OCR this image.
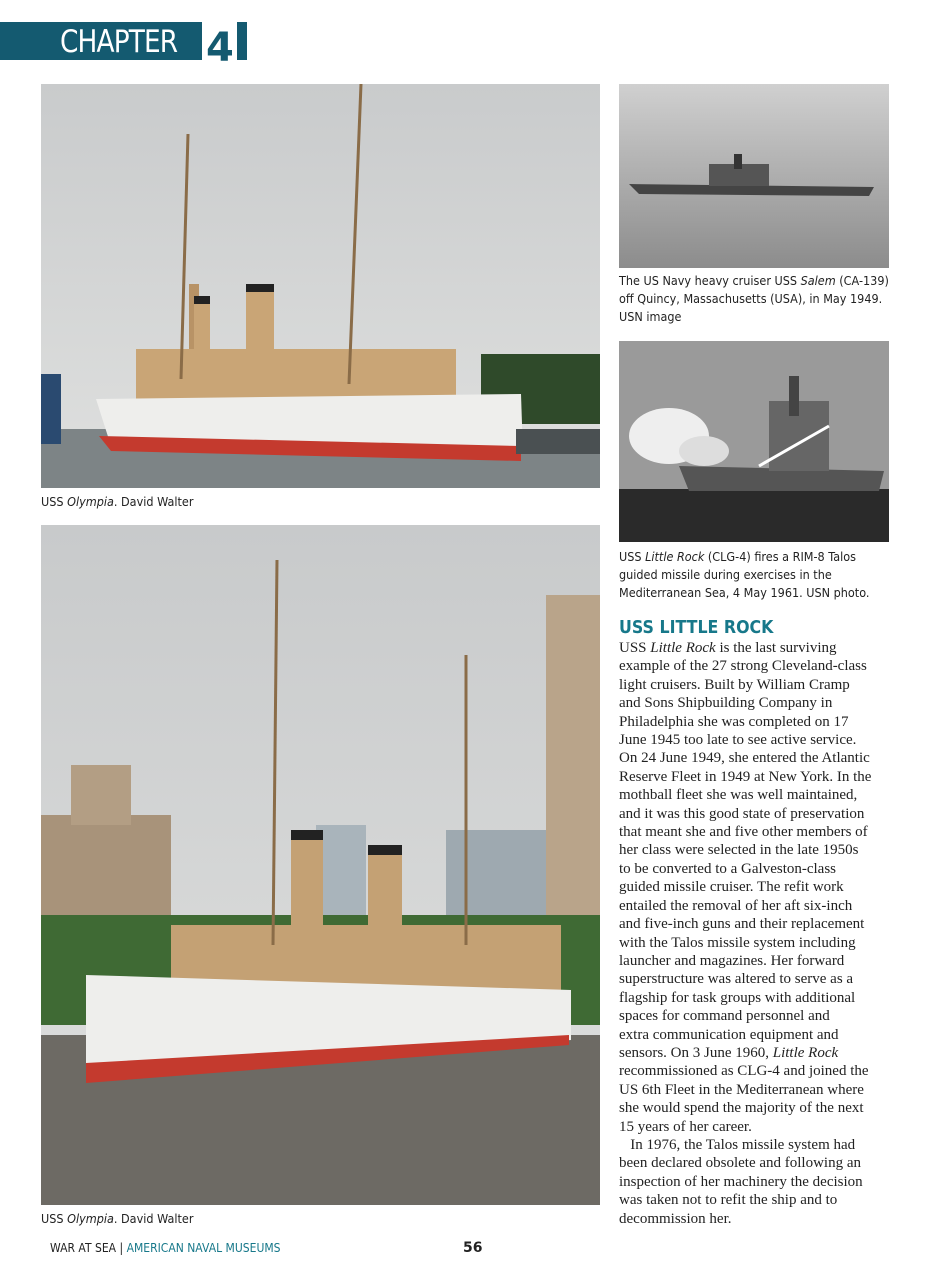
CHAPTER 4
USS Olympia. David Walter
USS Olympia. David Walter
The US Navy heavy cruiser USS Salem (CA-139) off Quincy, Massachusetts (USA), in May 1949. USN image
USS Little Rock (CLG-4) fires a RIM-8 Talos guided missile during exercises in the Mediterranean Sea, 4 May 1961. USN photo.
USS LITTLE ROCK
USS Little Rock is the last surviving
example of the 27 strong Cleveland-class
light cruisers. Built by William Cramp
and Sons Shipbuilding Company in
Philadelphia she was completed on 17
June 1945 too late to see active service.
On 24 June 1949, she entered the Atlantic
Reserve Fleet in 1949 at New York. In the
mothball fleet she was well maintained,
and it was this good state of preservation
that meant she and five other members of
her class were selected in the late 1950s
to be converted to a Galveston-class
guided missile cruiser. The refit work
entailed the removal of her aft six-inch
and five-inch guns and their replacement
with the Talos missile system including
launcher and magazines. Her forward
superstructure was altered to serve as a
flagship for task groups with additional
spaces for command personnel and
extra communication equipment and
sensors. On 3 June 1960, Little Rock
recommissioned as CLG-4 and joined the
US 6th Fleet in the Mediterranean where
she would spend the majority of the next
15 years of her career.
In 1976, the Talos missile system had
been declared obsolete and following an
inspection of her machinery the decision
was taken not to refit the ship and to
decommission her.
WAR AT SEA | AMERICAN NAVAL MUSEUMS	56
